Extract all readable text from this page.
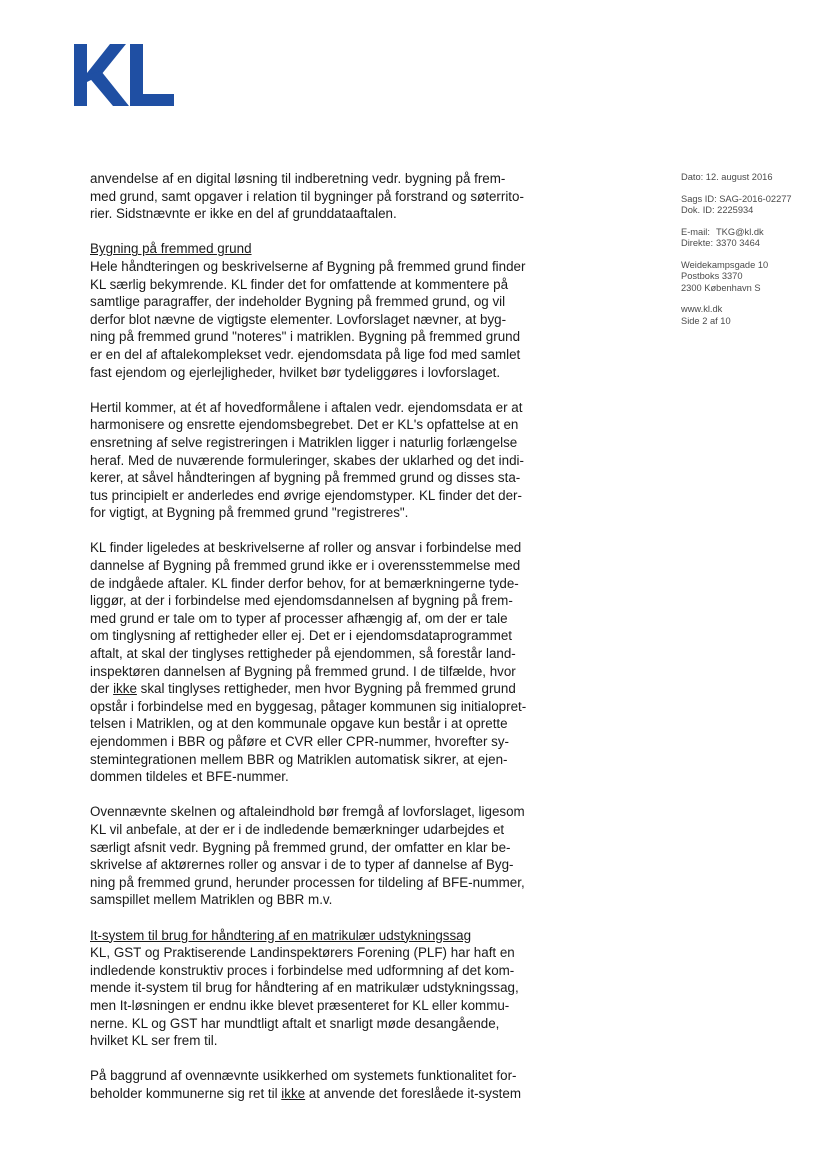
Dato: 12. august 2016
Sags ID: SAG-2016-02277
Dok. ID: 2225934
E-mail: TKG@kl.dk
Direkte: 3370 3464
Weidekampsgade 10
Postboks 3370
2300 København S
www.kl.dk
Side 2 af 10

anvendelse af en digital løsning til indberetning vedr. bygning på frem-
med grund, samt opgaver i relation til bygninger på forstrand og søterrito-
rier. Sidstnævnte er ikke en del af grunddataaftalen.

Bygning på fremmed grund
Hele håndteringen og beskrivelserne af Bygning på fremmed grund finder
KL særlig bekymrende. KL finder det for omfattende at kommentere på
samtlige paragraffer, der indeholder Bygning på fremmed grund, og vil
derfor blot nævne de vigtigste elementer. Lovforslaget nævner, at byg-
ning på fremmed grund "noteres" i matriklen. Bygning på fremmed grund
er en del af aftalekomplekset vedr. ejendomsdata på lige fod med samlet
fast ejendom og ejerlejligheder, hvilket bør tydeliggøres i lovforslaget.

Hertil kommer, at ét af hovedformålene i aftalen vedr. ejendomsdata er at
harmonisere og ensrette ejendomsbegrebet. Det er KL's opfattelse at en
ensretning af selve registreringen i Matriklen ligger i naturlig forlængelse
heraf. Med de nuværende formuleringer, skabes der uklarhed og det indi-
kerer, at såvel håndteringen af bygning på fremmed grund og disses sta-
tus principielt er anderledes end øvrige ejendomstyper. KL finder det der-
for vigtigt, at Bygning på fremmed grund "registreres".

KL finder ligeledes at beskrivelserne af roller og ansvar i forbindelse med
dannelse af Bygning på fremmed grund ikke er i overensstemmelse med
de indgåede aftaler. KL finder derfor behov, for at bemærkningerne tyde-
liggør, at der i forbindelse med ejendomsdannelsen af bygning på frem-
med grund er tale om to typer af processer afhængig af, om der er tale
om tinglysning af rettigheder eller ej. Det er i ejendomsdataprogrammet
aftalt, at skal der tinglyses rettigheder på ejendommen, så forestår land-
inspektøren dannelsen af Bygning på fremmed grund. I de tilfælde, hvor
der ikke skal tinglyses rettigheder, men hvor Bygning på fremmed grund
opstår i forbindelse med en byggesag, påtager kommunen sig initialopret-
telsen i Matriklen, og at den kommunale opgave kun består i at oprette
ejendommen i BBR og påføre et CVR eller CPR-nummer, hvorefter sy-
stemintegrationen mellem BBR og Matriklen automatisk sikrer, at ejen-
dommen tildeles et BFE-nummer.

Ovennævnte skelnen og aftaleindhold bør fremgå af lovforslaget, ligesom
KL vil anbefale, at der er i de indledende bemærkninger udarbejdes et
særligt afsnit vedr. Bygning på fremmed grund, der omfatter en klar be-
skrivelse af aktørernes roller og ansvar i de to typer af dannelse af Byg-
ning på fremmed grund, herunder processen for tildeling af BFE-nummer,
samspillet mellem Matriklen og BBR m.v.

It-system til brug for håndtering af en matrikulær udstykningssag
KL, GST og Praktiserende Landinspektørers Forening (PLF) har haft en
indledende konstruktiv proces i forbindelse med udformning af det kom-
mende it-system til brug for håndtering af en matrikulær udstykningssag,
men It-løsningen er endnu ikke blevet præsenteret for KL eller kommu-
nerne. KL og GST har mundtligt aftalt et snarligt møde desangående,
hvilket KL ser frem til.

På baggrund af ovennævnte usikkerhed om systemets funktionalitet for-
beholder kommunerne sig ret til ikke at anvende det foreslåede it-system
